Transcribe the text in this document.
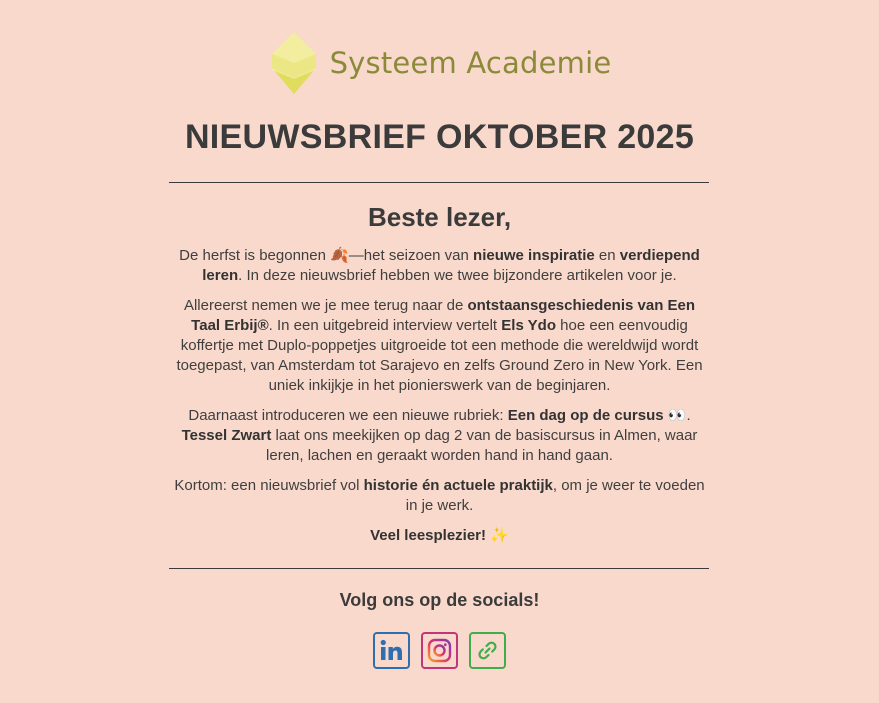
Systeem Academie
NIEUWSBRIEF OKTOBER 2025
Beste lezer,

De herfst is begonnen 🍂—het seizoen van nieuwe inspiratie en verdiepend leren. In deze nieuwsbrief hebben we twee bijzondere artikelen voor je.

Allereerst nemen we je mee terug naar de ontstaansgeschiedenis van Een Taal Erbij®. In een uitgebreid interview vertelt Els Ydo hoe een eenvoudig koffertje met Duplo-poppetjes uitgroeide tot een methode die wereldwijd wordt toegepast, van Amsterdam tot Sarajevo en zelfs Ground Zero in New York. Een uniek inkijkje in het pionierswerk van de beginjaren.

Daarnaast introduceren we een nieuwe rubriek: Een dag op de cursus 👀. Tessel Zwart laat ons meekijken op dag 2 van de basiscursus in Almen, waar leren, lachen en geraakt worden hand in hand gaan.

Kortom: een nieuwsbrief vol historie én actuele praktijk, om je weer te voeden in je werk.

Veel leesplezier! ✨

Volg ons op de socials!
